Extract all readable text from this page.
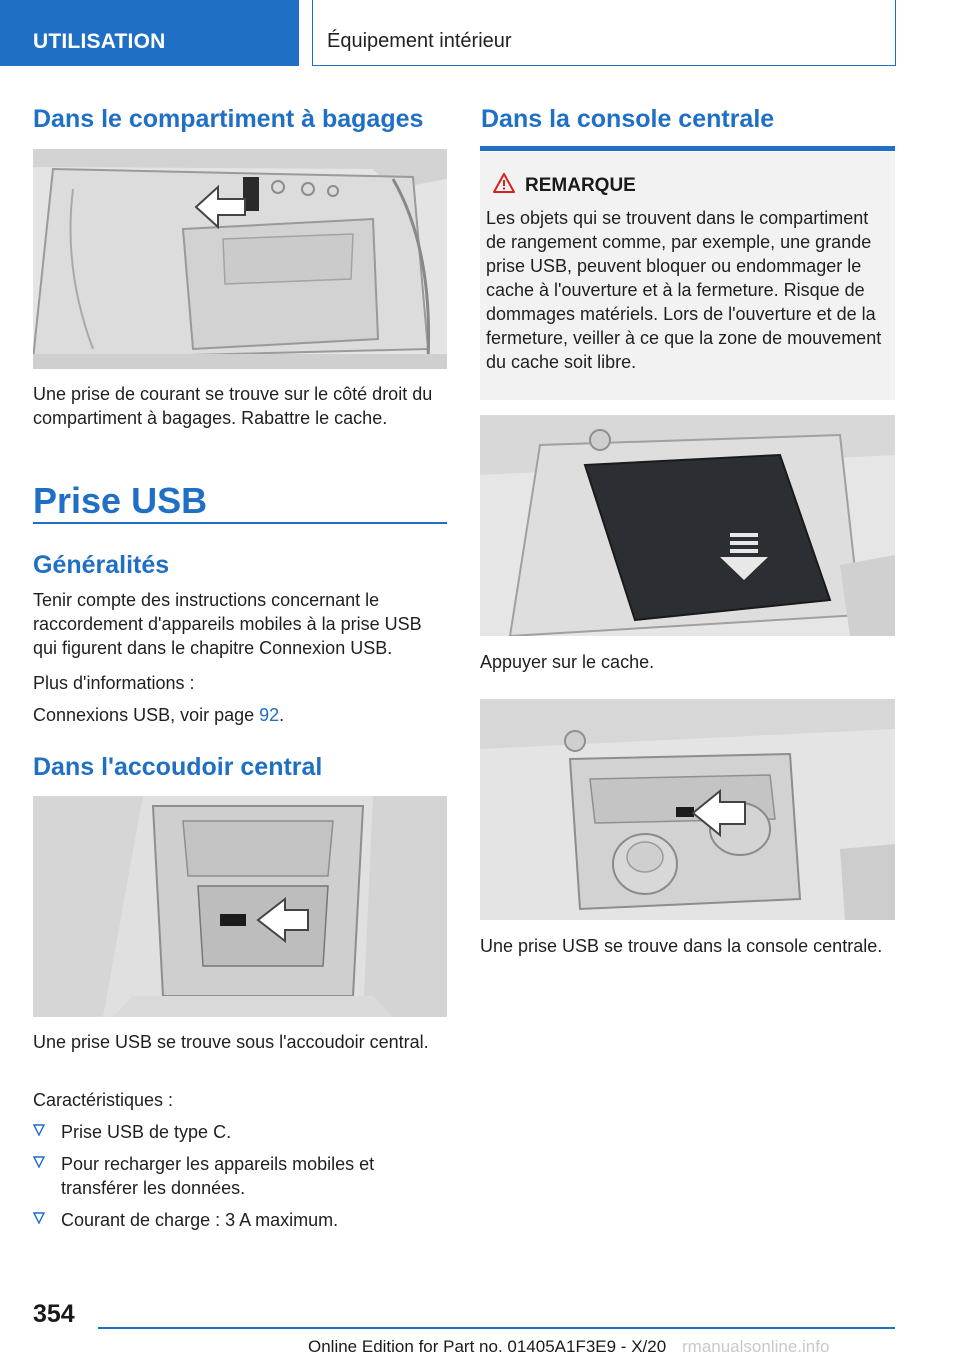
UTILISATION	Équipement intérieur
Dans le compartiment à bagages
Une prise de courant se trouve sur le côté droit du compartiment à bagages. Rabattre le cache.
Prise USB
Généralités
Tenir compte des instructions concernant le raccordement d'appareils mobiles à la prise USB qui figurent dans le chapitre Connexion USB.
Plus d'informations :
Connexions USB, voir page 92.
Dans l'accoudoir central
Une prise USB se trouve sous l'accoudoir central.
Caractéristiques :
Prise USB de type C.
Pour recharger les appareils mobiles et transférer les données.
Courant de charge : 3 A maximum.
Dans la console centrale
REMARQUE
Les objets qui se trouvent dans le compartiment de rangement comme, par exemple, une grande prise USB, peuvent bloquer ou endommager le cache à l'ouverture et à la fermeture. Risque de dommages matériels. Lors de l'ouverture et de la fermeture, veiller à ce que la zone de mouvement du cache soit libre.
Appuyer sur le cache.
Une prise USB se trouve dans la console centrale.
354
Online Edition for Part no. 01405A1F3E9 - X/20 rmanualsonline.info
